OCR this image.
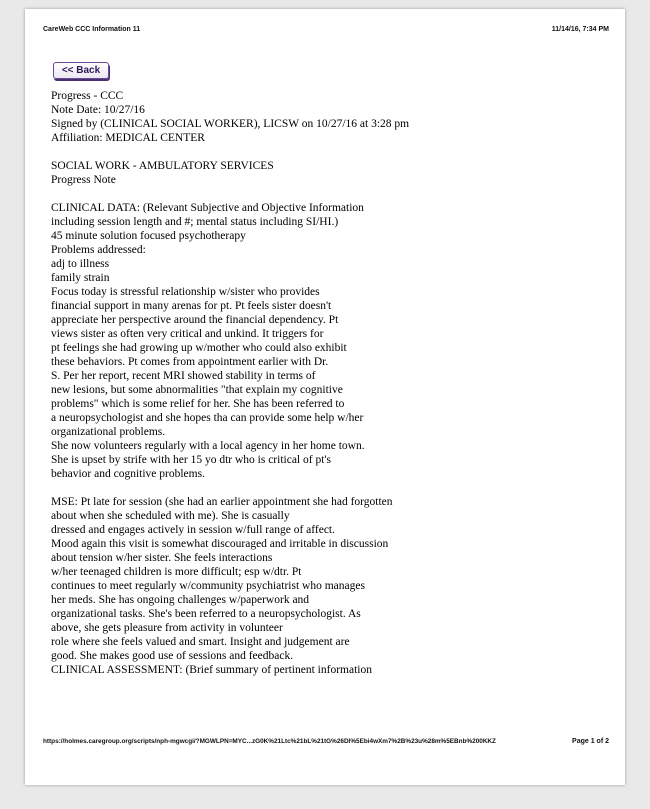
CareWeb CCC Information 11	11/14/16, 7:34 PM
<< Back
Progress - CCC
Note Date: 10/27/16
Signed by (CLINICAL SOCIAL WORKER), LICSW on 10/27/16 at 3:28 pm
Affiliation: MEDICAL CENTER
SOCIAL WORK - AMBULATORY SERVICES
Progress Note
CLINICAL DATA: (Relevant Subjective and Objective Information
including session length and #; mental status including SI/HI.)
45 minute solution focused psychotherapy
Problems addressed:
adj to illness
family strain
Focus today is stressful relationship w/sister who provides
financial support in many arenas for pt. Pt feels sister doesn't
appreciate her perspective around the financial dependency. Pt
views sister as often very critical and unkind. It triggers for
pt feelings she had growing up w/mother who could also exhibit
these behaviors. Pt comes from appointment earlier with Dr.
S. Per her report, recent MRI showed stability in terms of
new lesions, but some abnormalities "that explain my cognitive
problems" which is some relief for her. She has been referred to
a neuropsychologist and she hopes tha can provide some help w/her
organizational problems.
She now volunteers regularly with a local agency in her home town.
She is upset by strife with her 15 yo dtr who is critical of pt's
behavior and cognitive problems.
MSE: Pt late for session (she had an earlier appointment she had forgotten
about when she scheduled with me). She is casually
dressed and engages actively in session w/full range of affect.
Mood again this visit is somewhat discouraged and irritable in discussion
about tension w/her sister. She feels interactions
w/her teenaged children is more difficult; esp w/dtr. Pt
continues to meet regularly w/community psychiatrist who manages
her meds. She has ongoing challenges w/paperwork and
organizational tasks. She's been referred to a neuropsychologist. As
above, she gets pleasure from activity in volunteer
role where she feels valued and smart. Insight and judgement are
good. She makes good use of sessions and feedback.
CLINICAL ASSESSMENT: (Brief summary of pertinent information
https://holmes.caregroup.org/scripts/nph-mgwcgi/?MGWLPN=MYC...zG0K%21Ltc%21bL%21tG%26DI%5Ebi4wXm7%2B%23u%28m%5EBnb%200KKZ	Page 1 of 2
